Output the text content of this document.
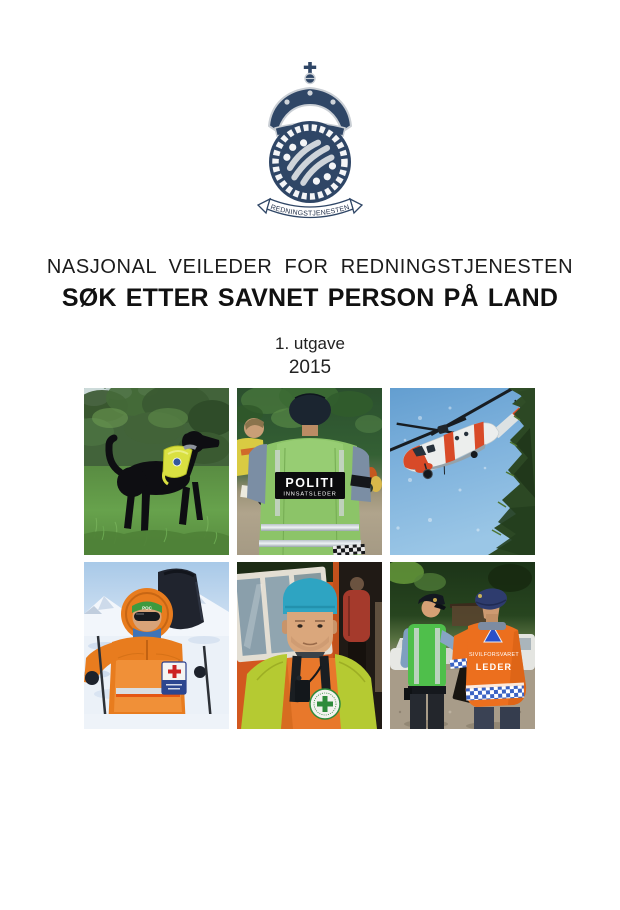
REDNINGSTJENESTEN
NASJONAL VEILEDER FOR REDNINGSTJENESTEN
SØK ETTER SAVNET PERSON PÅ LAND
1. utgave
2015
POLITI
INNSATSLEDER
POC
SIVILFORSVARET
LEDER
